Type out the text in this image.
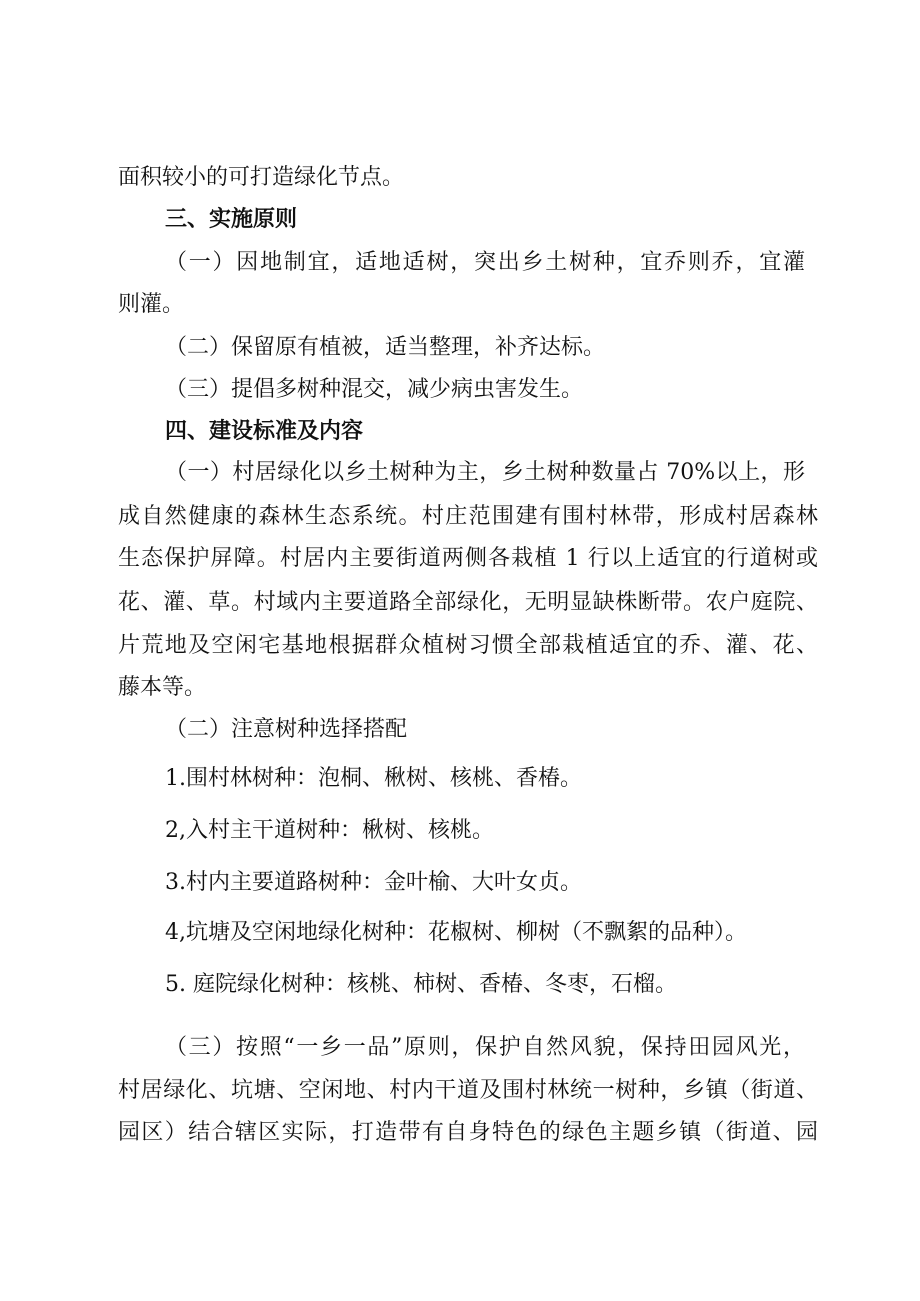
面积较小的可打造绿化节点。
三、实施原则
（一）因地制宜，适地适树，突出乡土树种，宜乔则乔，宜灌
则灌。
（二）保留原有植被，适当整理，补齐达标。
（三）提倡多树种混交，减少病虫害发生。
四、建设标准及内容
（一）村居绿化以乡土树种为主，乡土树种数量占 70%以上，形
成自然健康的森林生态系统。村庄范围建有围村林带，形成村居森林
生态保护屏障。村居内主要街道两侧各栽植 1 行以上适宜的行道树或
花、灌、草。村域内主要道路全部绿化，无明显缺株断带。农户庭院、
片荒地及空闲宅基地根据群众植树习惯全部栽植适宜的乔、灌、花、
藤本等。
（二）注意树种选择搭配
1.围村林树种：泡桐、楸树、核桃、香椿。
2,入村主干道树种：楸树、核桃。
3.村内主要道路树种：金叶榆、大叶女贞。
4,坑塘及空闲地绿化树种：花椒树、柳树（不飘絮的品种）。
5. 庭院绿化树种：核桃、柿树、香椿、冬枣，石榴。
（三）按照“一乡一品”原则，保护自然风貌，保持田园风光，
村居绿化、坑塘、空闲地、村内干道及围村林统一树种，乡镇（街道、
园区）结合辖区实际，打造带有自身特色的绿色主题乡镇（街道、园
